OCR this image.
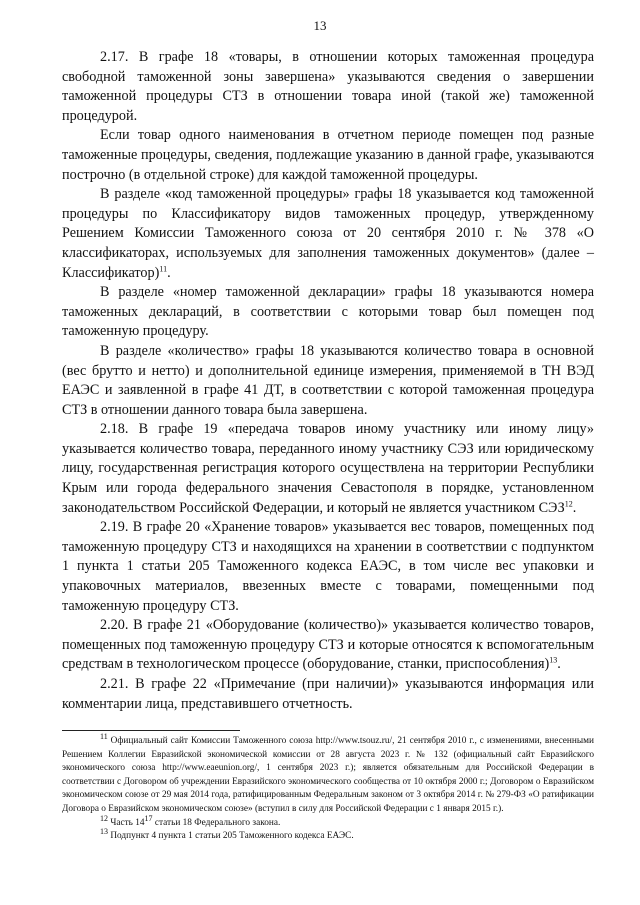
13

2.17. В графе 18 «товары, в отношении которых таможенная процедура свободной таможенной зоны завершена» указываются сведения о завершении таможенной процедуры СТЗ в отношении товара иной (такой же) таможенной процедурой.

Если товар одного наименования в отчетном периоде помещен под разные таможенные процедуры, сведения, подлежащие указанию в данной графе, указываются построчно (в отдельной строке) для каждой таможенной процедуры.

В разделе «код таможенной процедуры» графы 18 указывается код таможенной процедуры по Классификатору видов таможенных процедур, утвержденному Решением Комиссии Таможенного союза от 20 сентября 2010 г. № 378 «О классификаторах, используемых для заполнения таможенных документов» (далее – Классификатор)$^{11}$.

В разделе «номер таможенной декларации» графы 18 указываются номера таможенных деклараций, в соответствии с которыми товар был помещен под таможенную процедуру.

В разделе «количество» графы 18 указываются количество товара в основной (вес брутто и нетто) и дополнительной единице измерения, применяемой в ТН ВЭД ЕАЭС и заявленной в графе 41 ДТ, в соответствии с которой таможенная процедура СТЗ в отношении данного товара была завершена.

2.18. В графе 19 «передача товаров иному участнику или иному лицу» указывается количество товара, переданного иному участнику СЭЗ или юридическому лицу, государственная регистрация которого осуществлена на территории Республики Крым или города федерального значения Севастополя в порядке, установленном законодательством Российской Федерации, и который не является участником СЭЗ$^{12}$.

2.19. В графе 20 «Хранение товаров» указывается вес товаров, помещенных под таможенную процедуру СТЗ и находящихся на хранении в соответствии с подпунктом 1 пункта 1 статьи 205 Таможенного кодекса ЕАЭС, в том числе вес упаковки и упаковочных материалов, ввезенных вместе с товарами, помещенными под таможенную процедуру СТЗ.

2.20. В графе 21 «Оборудование (количество)» указывается количество товаров, помещенных под таможенную процедуру СТЗ и которые относятся к вспомогательным средствам в технологическом процессе (оборудование, станки, приспособления)$^{13}$.

2.21. В графе 22 «Примечание (при наличии)» указываются информация или комментарии лица, представившего отчетность.

$^{11}$ Официальный сайт Комиссии Таможенного союза http://www.tsouz.ru/, 21 сентября 2010 г., с изменениями, внесенными Решением Коллегии Евразийской экономической комиссии от 28 августа 2023 г. № 132 (официальный сайт Евразийского экономического союза http://www.eaeunion.org/, 1 сентября 2023 г.); является обязательным для Российской Федерации в соответствии с Договором об учреждении Евразийского экономического сообщества от 10 октября 2000 г.; Договором о Евразийском экономическом союзе от 29 мая 2014 года, ратифицированным Федеральным законом от 3 октября 2014 г. № 279-ФЗ «О ратификации Договора о Евразийском экономическом союзе» (вступил в силу для Российской Федерации с 1 января 2015 г.).

$^{12}$ Часть $14^{17}$ статьи 18 Федерального закона.

$^{13}$ Подпункт 4 пункта 1 статьи 205 Таможенного кодекса ЕАЭС.
